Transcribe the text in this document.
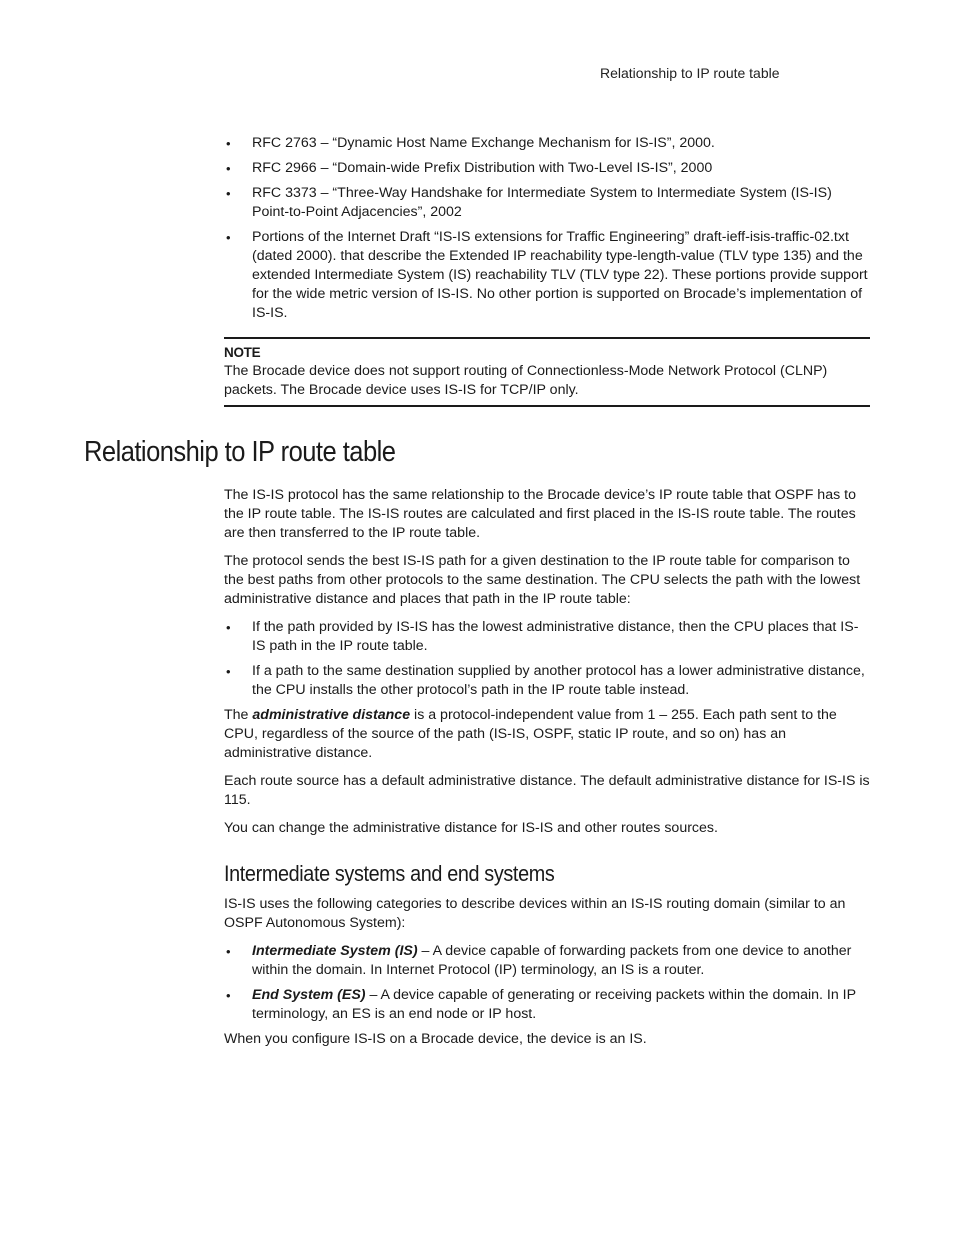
Relationship to IP route table
• RFC 2763 – “Dynamic Host Name Exchange Mechanism for IS-IS”, 2000.
• RFC 2966 – “Domain-wide Prefix Distribution with Two-Level IS-IS”, 2000
• RFC 3373 – “Three-Way Handshake for Intermediate System to Intermediate System (IS-IS) Point-to-Point Adjacencies”, 2002
• Portions of the Internet Draft “IS-IS extensions for Traffic Engineering” draft-ieff-isis-traffic-02.txt (dated 2000). that describe the Extended IP reachability type-length-value (TLV type 135) and the extended Intermediate System (IS) reachability TLV (TLV type 22). These portions provide support for the wide metric version of IS-IS. No other portion is supported on Brocade’s implementation of IS-IS.
NOTE
The Brocade device does not support routing of Connectionless-Mode Network Protocol (CLNP) packets. The Brocade device uses IS-IS for TCP/IP only.
Relationship to IP route table

The IS-IS protocol has the same relationship to the Brocade device’s IP route table that OSPF has to the IP route table. The IS-IS routes are calculated and first placed in the IS-IS route table. The routes are then transferred to the IP route table.

The protocol sends the best IS-IS path for a given destination to the IP route table for comparison to the best paths from other protocols to the same destination. The CPU selects the path with the lowest administrative distance and places that path in the IP route table:

• If the path provided by IS-IS has the lowest administrative distance, then the CPU places that IS-IS path in the IP route table.
• If a path to the same destination supplied by another protocol has a lower administrative distance, the CPU installs the other protocol’s path in the IP route table instead.

The administrative distance is a protocol-independent value from 1 – 255. Each path sent to the CPU, regardless of the source of the path (IS-IS, OSPF, static IP route, and so on) has an administrative distance.

Each route source has a default administrative distance. The default administrative distance for IS-IS is 115.

You can change the administrative distance for IS-IS and other routes sources.

Intermediate systems and end systems

IS-IS uses the following categories to describe devices within an IS-IS routing domain (similar to an OSPF Autonomous System):

• Intermediate System (IS) – A device capable of forwarding packets from one device to another within the domain. In Internet Protocol (IP) terminology, an IS is a router.
• End System (ES) – A device capable of generating or receiving packets within the domain. In IP terminology, an ES is an end node or IP host.

When you configure IS-IS on a Brocade device, the device is an IS.
